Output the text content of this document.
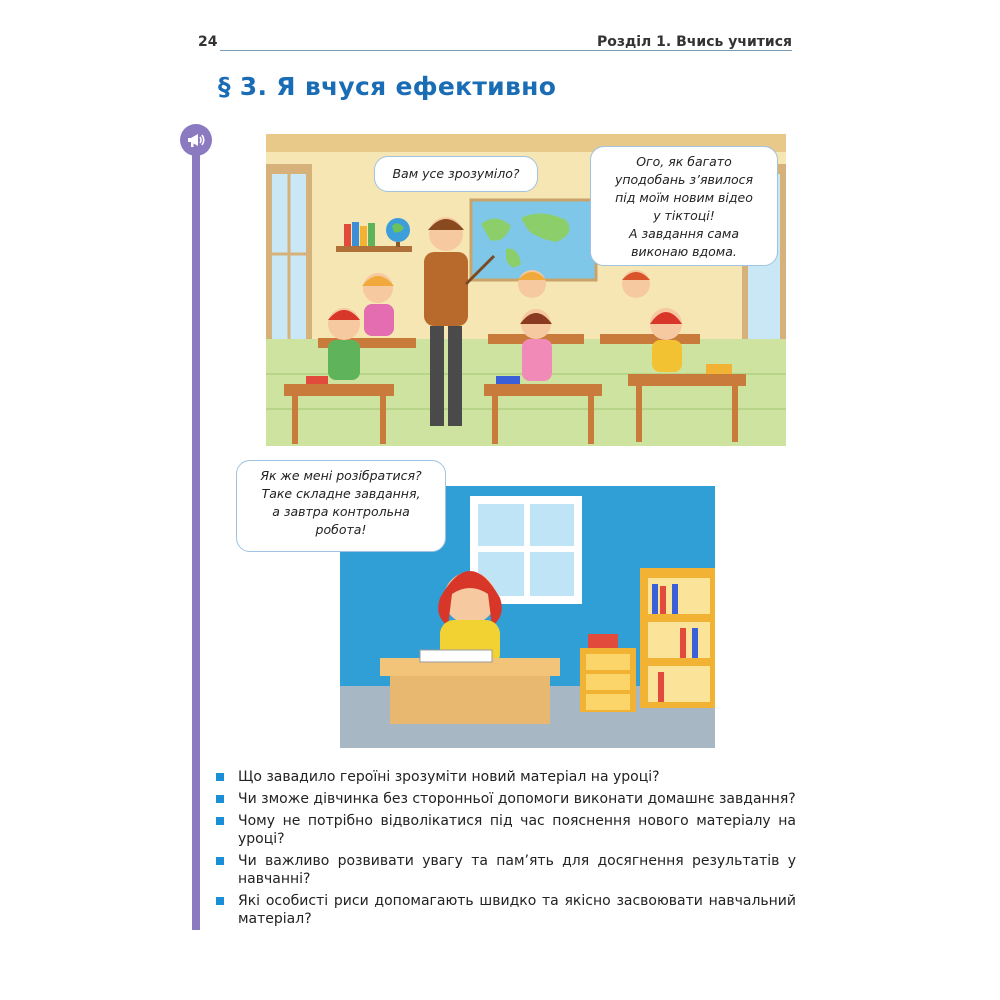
24	Розділ 1. Вчись учитися
§ 3. Я вчуся ефективно
Вам усе зрозуміло?
Ого, як багато
уподобань з’явилося
під моїм новим відео
у тіктоці!
А завдання сама
виконаю вдома.
Як же мені розібратися?
Таке складне завдання,
а завтра контрольна
робота!
Що завадило героїні зрозуміти новий матеріал на уроці?
Чи зможе дівчинка без сторонньої допомоги виконати домашнє завдання?
Чому не потрібно відволікатися під час пояснення нового матеріалу на уроці?
Чи важливо розвивати увагу та пам’ять для досягнення результатів у навчанні?
Які особисті риси допомагають швидко та якісно засвоювати навчальний матеріал?
